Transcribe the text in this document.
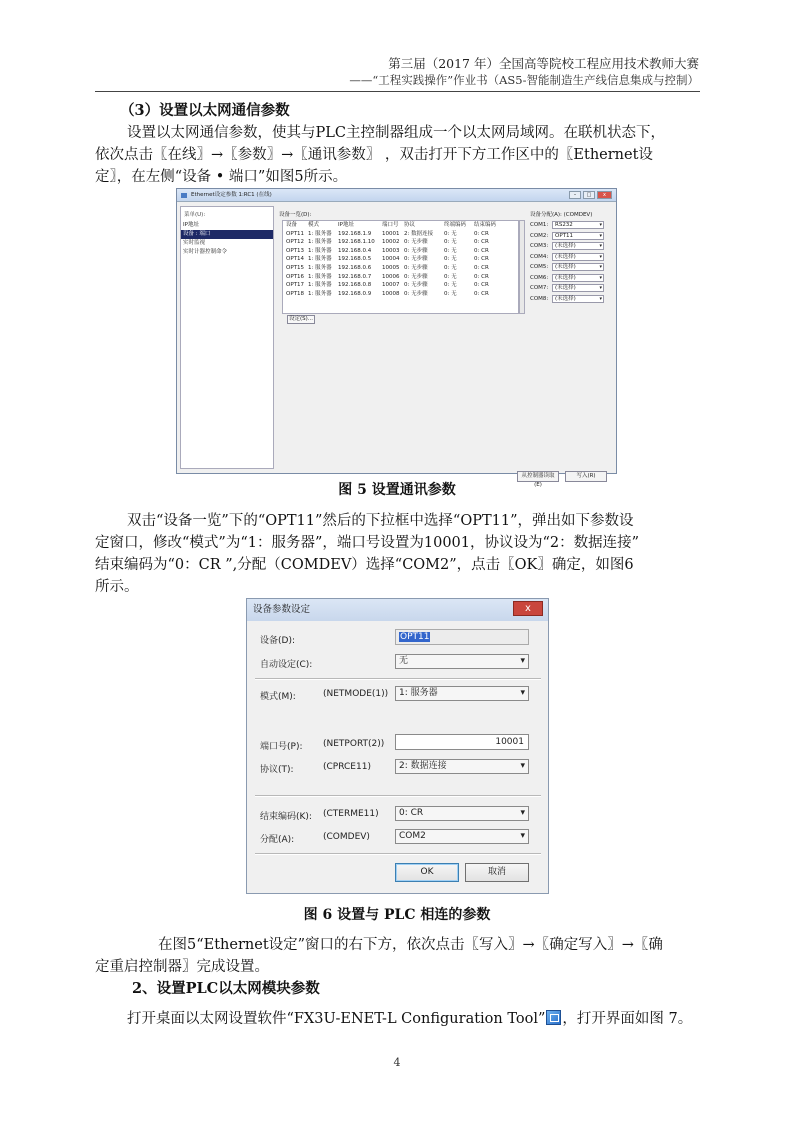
第三届（2017 年）全国高等院校工程应用技术教师大赛
——“工程实践操作”作业书（AS5-智能制造生产线信息集成与控制）
（3）设置以太网通信参数
设置以太网通信参数，使其与PLC主控制器组成一个以太网局域网。在联机状态下，
依次点击〖在线〗→〖参数〗→〖通讯参数〗 ，双击打开下方工作区中的〖Ethernet设
定〗，在左侧“设备 • 端口”如图5所示。
Ethernet设定参数 1:RC1 (在线)	–	□	x
菜单(U):
IP地址
设备 : 端口
实时监视
实时计器控制命令
设备一览(D):
设备	模式	IP地址	端口号 协议	终端编码	结束编码
OPT11 1: 服务器	192.168.1.9	10001 2: 数据连接	0: 无	0: CR
OPT12 1: 服务器	192.168.1.10	10002 0: 无步骤	0: 无	0: CR
OPT13 1: 服务器	192.168.0.4	10003 0: 无步骤	0: 无	0: CR
OPT14 1: 服务器	192.168.0.5	10004 0: 无步骤	0: 无	0: CR
OPT15 1: 服务器	192.168.0.6	10005 0: 无步骤	0: 无	0: CR
OPT16 1: 服务器	192.168.0.7	10006 0: 无步骤	0: 无	0: CR
OPT17 1: 服务器	192.168.0.8	10007 0: 无步骤	0: 无	0: CR
OPT18 1: 服务器	192.168.0.9	10008 0: 无步骤	0: 无	0: CR
设定(S)...
设备分配(A): (COMDEV)
COM1:	RS232 ▾
COM2:	OPT11 ▾
COM3:	(未选择) ▾
COM4:	(未选择) ▾
COM5:	(未选择) ▾
COM6:	(未选择) ▾
COM7:	(未选择) ▾
COM8:	(未选择) ▾
从控制器读取(E)
写入(R)
图 5 设置通讯参数
双击“设备一览”下的“OPT11”然后的下拉框中选择“OPT11”，弹出如下参数设
定窗口，修改“模式”为“1：服务器”，端口号设置为10001，协议设为“2：数据连接”
结束编码为“0：CR ”,分配（COMDEV）选择“COM2”，点击〖OK〗确定，如图6
所示。
设备参数设定	x
设备(D):	OPT11
自动设定(C):	无 ▾
模式(M):	(NETMODE(1))	1: 服务器 ▾
端口号(P): (NETPORT(2))	10001
协议(T):	(CPRCE11)	2: 数据连接 ▾
结束编码(K): (CTERME11)	0: CR ▾
分配(A):	(COMDEV)	COM2 ▾
OK	取消
图 6 设置与 PLC 相连的参数
在图5“Ethernet设定”窗口的右下方，依次点击〖写入〗→〖确定写入〗→〖确
定重启控制器〗完成设置。
2、设置PLC以太网模块参数
打开桌面以太网设置软件“FX3U-ENET-L Configuration Tool” ，打开界面如图 7。
4
